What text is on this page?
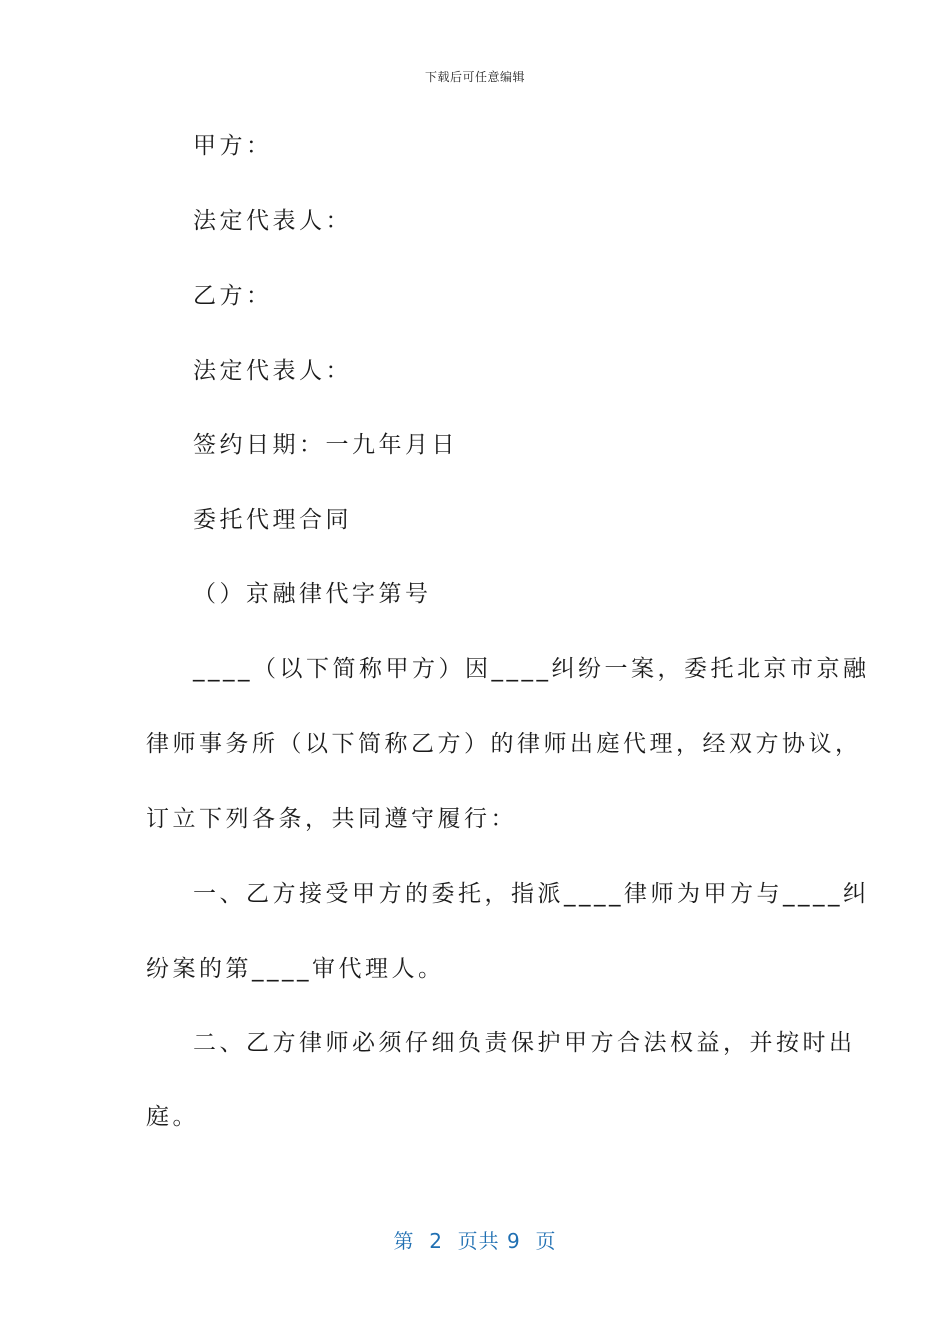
下载后可任意编辑
甲方：
法定代表人：
乙方：
法定代表人：
签约日期：一九年月日
委托代理合同
（）京融律代字第号
____（以下简称甲方）因____纠纷一案，委托北京市京融
律师事务所（以下简称乙方）的律师出庭代理，经双方协议，
订立下列各条，共同遵守履行：
一、乙方接受甲方的委托，指派____律师为甲方与____纠
纷案的第____审代理人。
二、乙方律师必须仔细负责保护甲方合法权益，并按时出
庭。
第  2  页共 9  页
